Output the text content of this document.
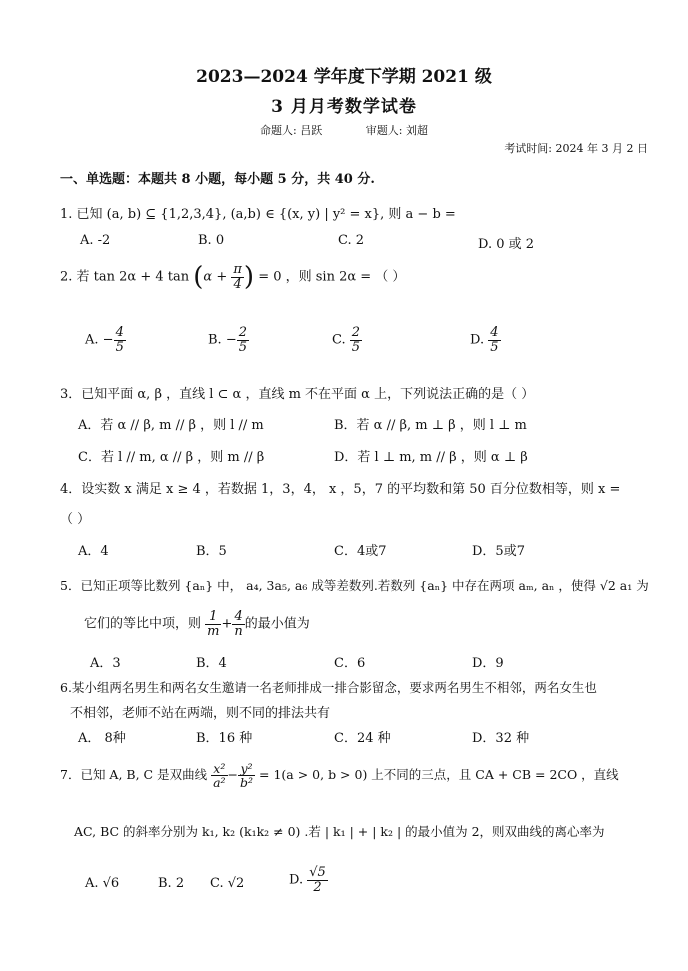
2023—2024 学年度下学期 2021 级
3 月月考数学试卷
命题人: 吕跃	审题人: 刘超
考试时间: 2024 年 3 月 2 日
一、单选题：本题共 8 小题，每小题 5 分，共 40 分.
1. 已知 (a, b) ⊆ {1,2,3,4}, (a,b) ∈ {(x, y) | y² = x}, 则 a − b =
A. -2	B. 0	C. 2	D. 0 或 2
2. 若 tan 2α + 4 $\tan (\alpha + \frac{\pi}{4}$ ) = 0 ，则 sin 2α = （ ）
A. − $\frac{4}{5}$	B. − $\frac{2}{5}$	C. $\frac{2}{5}$	D. $\frac{4}{5}$
3．已知平面 α, β ，直线 l ⊂ α ，直线 m 不在平面 α 上，下列说法正确的是（ ）
A．若 α // β, m // β ，则 l // m	B．若 α // β, m ⊥ β ，则 l ⊥ m
C．若 l // m, α // β ，则 m // β	D．若 l ⊥ m, m // β ，则 α ⊥ β
4．设实数 x 满足 x ≥ 4 ，若数据 1，3，4， x ，5，7 的平均数和第 50 百分位数相等，则 x =
（ ）
A．4	B．5	C．4或7	D．5或7
5．已知正项等比数列 {aₙ} 中， a₄, 3a₅, a₆ 成等差数列.若数列 {aₙ} 中存在两项 aₘ, aₙ ，使得 √2 a₁ 为
它们的等比中项，则 $\frac{1}{m} + \frac{4}{n}$ 的最小值为
A．3	B．4	C．6	D．9
6.某小组两名男生和两名女生邀请一名老师排成一排合影留念，要求两名男生不相邻，两名女生也
不相邻，老师不站在两端，则不同的排法共有
A． 8种	B．16 种	C．24 种	D．32 种
7．已知 A, B, C 是双曲线 $\frac{\text{x²}}{\text{a²}} - \frac{\text{y²}}{\text{b²}} = 1(a > 0$, b > 0) 上不同的三点，且 CA + CB = 2CO ，直线
AC, BC 的斜率分别为 k₁, k₂ (k₁k₂ ≠ 0) .若 | k₁ | + | k₂ | 的最小值为 2，则双曲线的离心率为
A. √6	B. 2 C. √2	D. $\frac{√5}{2}$
